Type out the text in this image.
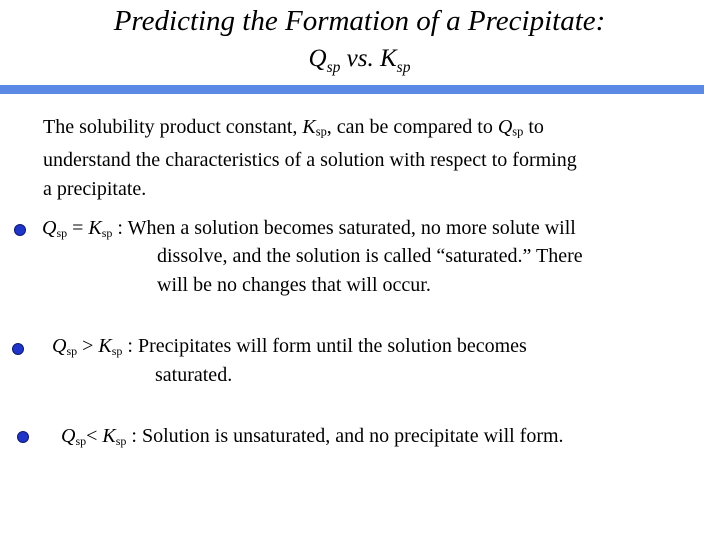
Predicting the Formation of a Precipitate:
$Q_{sp}$ vs. $K_{sp}$
The solubility product constant, Ksp, can be compared to Qsp to
understand the characteristics of a solution with respect to forming
a precipitate.
Qsp = Ksp : When a solution becomes saturated, no more solute will
dissolve, and the solution is called “saturated.” There
will be no changes that will occur.
Qsp > Ksp : Precipitates will form until the solution becomes
saturated.
Qsp< Ksp : Solution is unsaturated, and no precipitate will form.
